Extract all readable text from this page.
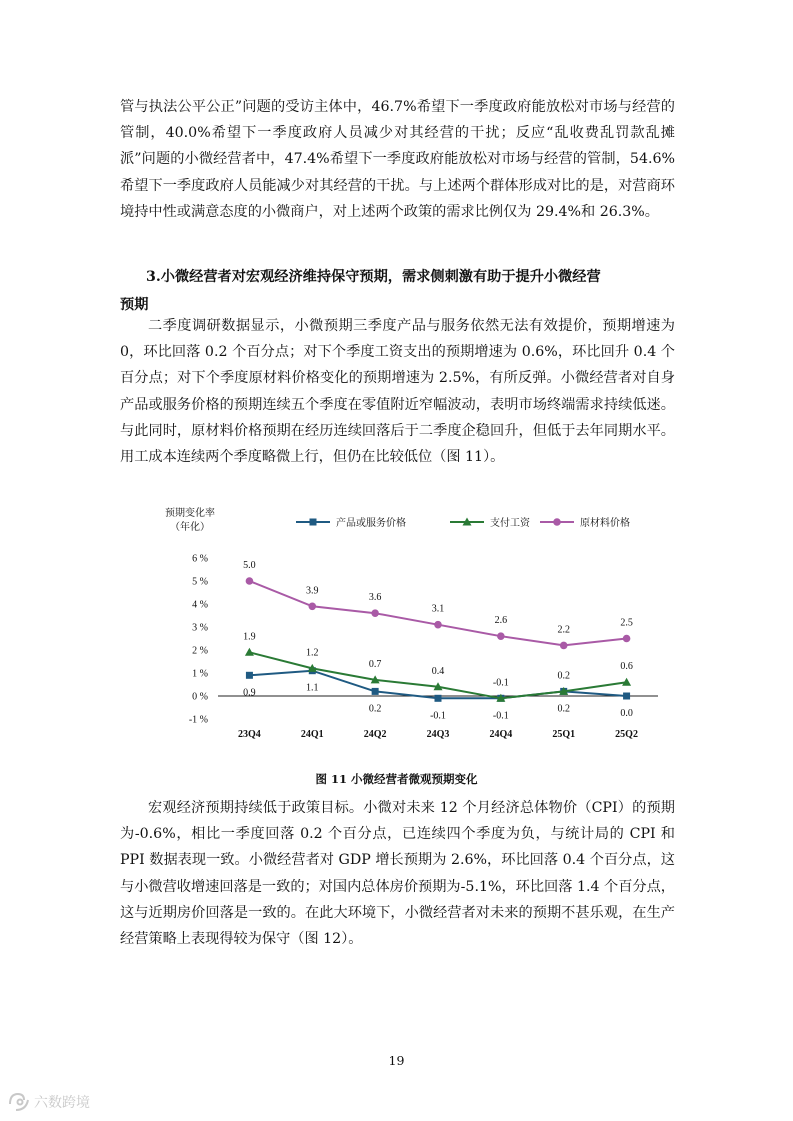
管与执法公平公正”问题的受访主体中，46.7%希望下一季度政府能放松对市场与经营的管制，40.0%希望下一季度政府人员减少对其经营的干扰；反应“乱收费乱罚款乱摊派”问题的小微经营者中，47.4%希望下一季度政府能放松对市场与经营的管制，54.6%希望下一季度政府人员能减少对其经营的干扰。与上述两个群体形成对比的是，对营商环境持中性或满意态度的小微商户，对上述两个政策的需求比例仅为 29.4%和 26.3%。

3.小微经营者对宏观经济维持保守预期，需求侧刺激有助于提升小微经营
预期

二季度调研数据显示，小微预期三季度产品与服务依然无法有效提价，预期增速为 0，环比回落 0.2 个百分点；对下个季度工资支出的预期增速为 0.6%，环比回升 0.4 个百分点；对下个季度原材料价格变化的预期增速为 2.5%，有所反弹。小微经营者对自身产品或服务价格的预期连续五个季度在零值附近窄幅波动，表明市场终端需求持续低迷。与此同时，原材料价格预期在经历连续回落后于二季度企稳回升，但低于去年同期水平。用工成本连续两个季度略微上行，但仍在比较低位（图 11）。

预期变化率
（年化）	产品或服务价格	支付工资	原材料价格
6 %
5 %
4 %
3 %
2 %
1 %
0 %
-1 %
23Q4	24Q1	24Q2	24Q3	24Q4	25Q1	25Q2
0.9	1.1
0.2
-0.1	-0.1
0.2	0.0
1.9
1.2
0.7
0.4
-0.1
0.2
0.6
5.0
3.9
3.6
3.1
2.6
2.2
2.5

图 11 小微经营者微观预期变化

宏观经济预期持续低于政策目标。小微对未来 12 个月经济总体物价（CPI）的预期为-0.6%，相比一季度回落 0.2 个百分点，已连续四个季度为负，与统计局的 CPI 和 PPI 数据表现一致。小微经营者对 GDP 增长预期为 2.6%，环比回落 0.4 个百分点，这与小微营收增速回落是一致的；对国内总体房价预期为-5.1%，环比回落 1.4 个百分点，这与近期房价回落是一致的。在此大环境下，小微经营者对未来的预期不甚乐观，在生产经营策略上表现得较为保守（图 12）。

19

六数跨境
